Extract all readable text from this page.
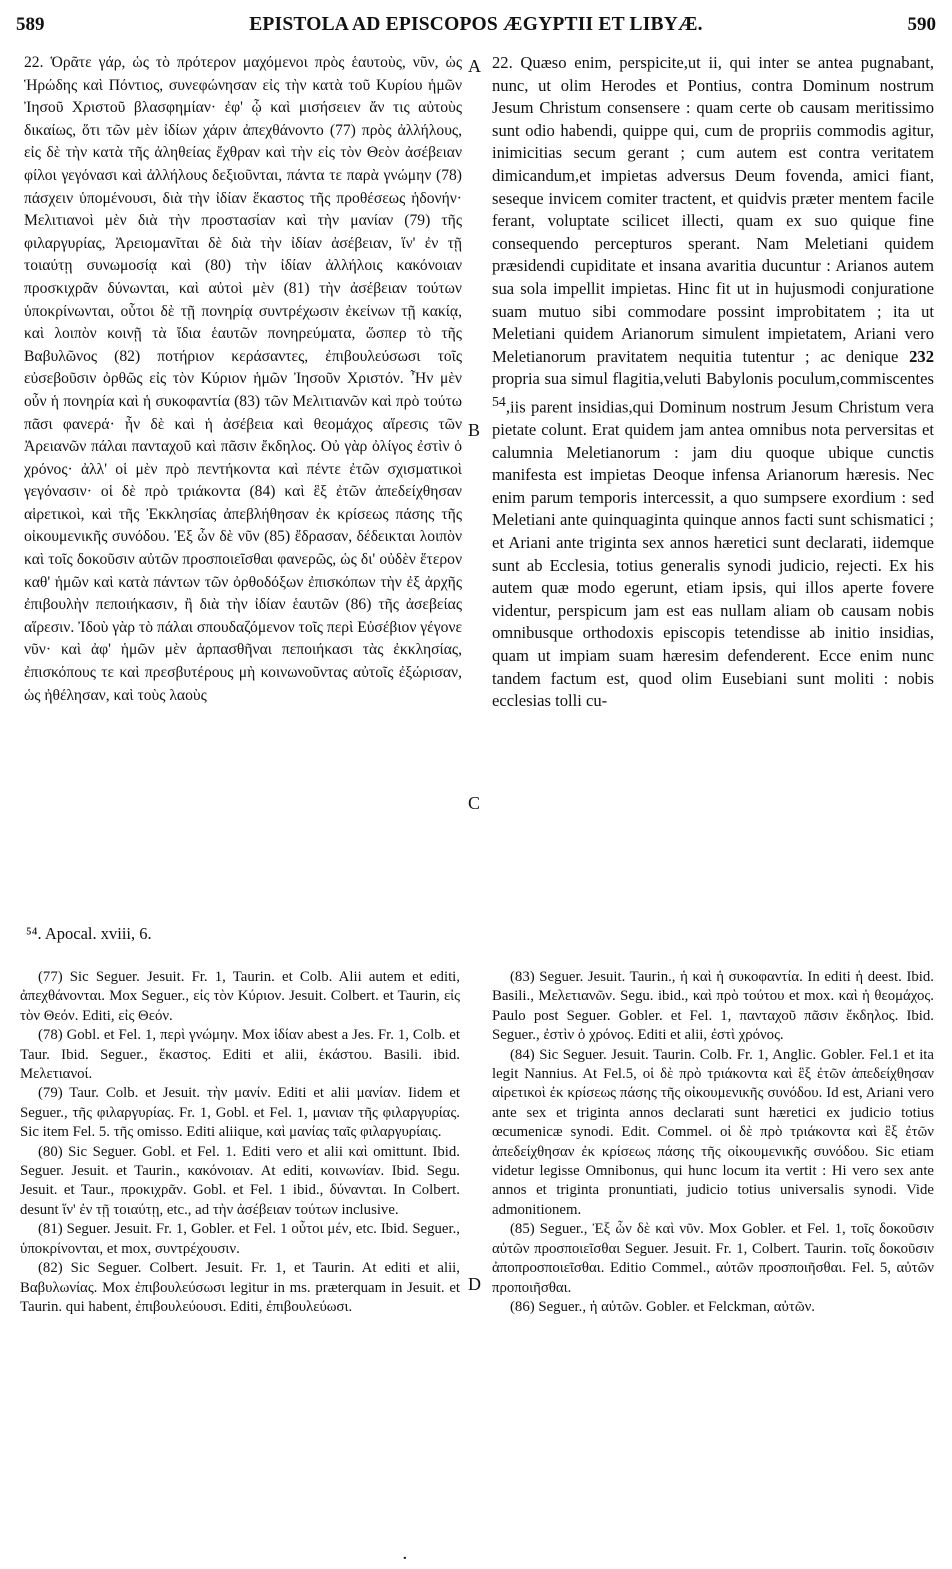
589	EPISTOLA AD EPISCOPOS ÆGYPTII ET LIBYÆ.	590
22. Ὁρᾶτε γάρ, ὡς τὸ πρότερον μαχόμενοι πρὸς ἑαυτοὺς, νῦν, ὡς Ἡρώδης καὶ Πόντιος, συνεφώνησαν εἰς τὴν κατὰ τοῦ Κυρίου ἡμῶν Ἰησοῦ Χριστοῦ βλασφημίαν· ἐφ' ᾧ καὶ μισήσειεν ἄν τις αὐτοὺς δικαίως, ὅτι τῶν μὲν ἰδίων χάριν ἀπεχθάνοντο (77) πρὸς ἀλλήλους, εἰς δὲ τὴν κατὰ τῆς ἀληθείας ἔχθραν καὶ τὴν εἰς τὸν Θεὸν ἀσέβειαν φίλοι γεγόνασι καὶ ἀλλήλους δεξιοῦνται, πάντα τε παρὰ γνώμην (78) πάσχειν ὑπομένουσι, διὰ τὴν ἰδίαν ἕκαστος τῆς προθέσεως ἡδονήν· Μελιτιανοὶ μὲν διὰ τὴν προστασίαν καὶ τὴν μανίαν (79) τῆς φιλαργυρίας, Ἀρειομανῖται δὲ διὰ τὴν ἰδίαν ἀσέβειαν, ἵν' ἐν τῇ τοιαύτῃ συνωμοσίᾳ καὶ (80) τὴν ἰδίαν ἀλλήλοις κακόνοιαν προσκιχρᾶν δύνωνται, καὶ αὐτοὶ μὲν (81) τὴν ἀσέβειαν τούτων ὑποκρίνωνται, οὗτοι δὲ τῇ πονηρίᾳ συντρέχωσιν ἐκείνων τῇ κακίᾳ, καὶ λοιπὸν κοινῇ τὰ ἴδια ἑαυτῶν πονηρεύματα, ὥσπερ τὸ τῆς Βαβυλῶνος (82) ποτήριον κεράσαντες, ἐπιβουλεύσωσι τοῖς εὐσεβοῦσιν ὀρθῶς εἰς τὸν Κύριον ἡμῶν Ἰησοῦν Χριστόν. Ἦν μὲν οὖν ἡ πονηρία καὶ ἡ συκοφαντία (83) τῶν Μελιτιανῶν καὶ πρὸ τούτω πᾶσι φανερά· ἦν δὲ καὶ ἡ ἀσέβεια καὶ θεομάχος αἵρεσις τῶν Ἀρειανῶν πάλαι πανταχοῦ καὶ πᾶσιν ἔκδηλος. Οὐ γὰρ ὀλίγος ἐστὶν ὁ χρόνος· ἀλλ' οἱ μὲν πρὸ πεντήκοντα καὶ πέντε ἐτῶν σχισματικοὶ γεγόνασιν· οἱ δὲ πρὸ τριάκοντα (84) καὶ ἓξ ἐτῶν ἀπεδείχθησαν αἱρετικοὶ, καὶ τῆς Ἐκκλησίας ἀπεβλήθησαν ἐκ κρίσεως πάσης τῆς οἰκουμενικῆς συνόδου. Ἐξ ὧν δὲ νῦν (85) ἔδρασαν, δέδεικται λοιπὸν καὶ τοῖς δοκοῦσιν αὐτῶν προσποιεῖσθαι φανερῶς, ὡς δι' οὐδὲν ἕτερον καθ' ἡμῶν καὶ κατὰ πάντων τῶν ὀρθοδόξων ἐπισκόπων τὴν ἐξ ἀρχῆς ἐπιβουλὴν πεποιήκασιν, ἢ διὰ τὴν ἰδίαν ἑαυτῶν (86) τῆς ἀσεβείας αἵρεσιν. Ἰδοὺ γὰρ τὸ πάλαι σπουδαζόμενον τοῖς περὶ Εὐσέβιον γέγονε νῦν· καὶ ἀφ' ἡμῶν μὲν ἁρπασθῆναι πεποιήκασι τὰς ἐκκλησίας, ἐπισκόπους τε καὶ πρεσβυτέρους μὴ κοινωνοῦντας αὐτοῖς ἐξώρισαν, ὡς ἠθέλησαν, καὶ τοὺς λαοὺς
A
B
C
D
22. Quæso enim, perspicite,ut ii, qui inter se antea pugnabant, nunc, ut olim Herodes et Pontius, contra Dominum nostrum Jesum Christum consensere : quam certe ob causam meritissimo sunt odio habendi, quippe qui, cum de propriis commodis agitur, inimicitias secum gerant ; cum autem est contra veritatem dimicandum,et impietas adversus Deum fovenda, amici fiant, seseque invicem comiter tractent, et quidvis præter mentem facile ferant, voluptate scilicet illecti, quam ex suo quique fine consequendo percepturos sperant. Nam Meletiani quidem præsidendi cupiditate et insana avaritia ducuntur : Arianos autem sua sola impellit impietas. Hinc fit ut in hujusmodi conjuratione suam mutuo sibi commodare possint improbitatem ; ita ut Meletiani quidem Arianorum simulent impietatem, Ariani vero Meletianorum pravitatem nequitia tutentur ; ac denique 232 propria sua simul flagitia,veluti Babylonis poculum,commiscentes $^{54}$,iis parent insidias,qui Dominum nostrum Jesum Christum vera pietate colunt. Erat quidem jam antea omnibus nota perversitas et calumnia Meletianorum : jam diu quoque ubique cunctis manifesta est impietas Deoque infensa Arianorum hæresis. Nec enim parum temporis intercessit, a quo sumpsere exordium : sed Meletiani ante quinquaginta quinque annos facti sunt schismatici ; et Ariani ante triginta sex annos hæretici sunt declarati, iidemque sunt ab Ecclesia, totius generalis synodi judicio, rejecti. Ex his autem quæ modo egerunt, etiam ipsis, qui illos aperte fovere videntur, perspicum jam est eas nullam aliam ob causam nobis omnibusque orthodoxis episcopis tetendisse ab initio insidias, quam ut impiam suam hæresim defenderent. Ecce enim nunc tandem factum est, quod olim Eusebiani sunt moliti : nobis ecclesias tolli cu-
⁵⁴. Apocal. xviii, 6.

(77) Sic Seguer. Jesuit. Fr. 1, Taurin. et Colb. Alii autem et editi, ἀπεχθάνονται. Mox Seguer., εἰς τὸν Κύριον. Jesuit. Colbert. et Taurin, εἰς τὸν Θεόν. Editi, εἰς Θεόν.

(78) Gobl. et Fel. 1, περὶ γνώμην. Mox ἰδίαν abest a Jes. Fr. 1, Colb. et Taur. Ibid. Seguer., ἕκαστος. Editi et alii, ἑκάστου. Basili. ibid. Μελετιανοί.

(79) Taur. Colb. et Jesuit. τὴν μανίν. Editi et alii μανίαν. Iidem et Seguer., τῆς φιλαργυρίας. Fr. 1, Gobl. et Fel. 1, μανιαν τῆς φιλαργυρίας. Sic item Fel. 5. τῆς omisso. Editi aliique, καὶ μανίας ταῖς φιλαργυρίαις.

(80) Sic Seguer. Gobl. et Fel. 1. Editi vero et alii καὶ omittunt. Ibid. Seguer. Jesuit. et Taurin., κακόνοιαν. At editi, κοινωνίαν. Ibid. Segu. Jesuit. et Taur., προκιχρᾶν. Gobl. et Fel. 1 ibid., δύνανται. In Colbert. desunt ἵν' ἐν τῇ τοιαύτῃ, etc., ad τὴν ἀσέβειαν τούτων inclusive.

(81) Seguer. Jesuit. Fr. 1, Gobler. et Fel. 1 οὗτοι μέν, etc. Ibid. Seguer., ὑποκρίνονται, et mox, συντρέχουσιν.

(82) Sic Seguer. Colbert. Jesuit. Fr. 1, et Taurin. At editi et alii, Βαβυλωνίας. Mox ἐπιβουλεύσωσι legitur in ms. præterquam in Jesuit. et Taurin. qui habent, ἐπιβουλεύουσι. Editi, ἐπιβουλεύωσι.

(83) Seguer. Jesuit. Taurin., ἡ καὶ ἡ συκοφαντία. In editi ἡ deest. Ibid. Basili., Μελετιανῶν. Segu. ibid., καὶ πρὸ τούτου et mox. καὶ ἡ θεομάχος. Paulo post Seguer. Gobler. et Fel. 1, πανταχοῦ πᾶσιν ἔκδηλος. Ibid. Seguer., ἐστὶν ὁ χρόνος. Editi et alii, ἐστὶ χρόνος.

(84) Sic Seguer. Jesuit. Taurin. Colb. Fr. 1, Anglic. Gobler. Fel.1 et ita legit Nannius. At Fel.5, οἱ δὲ πρὸ τριάκοντα καὶ ἓξ ἐτῶν ἀπεδείχθησαν αἱρετικοὶ ἐκ κρίσεως πάσης τῆς οἰκουμενικῆς συνόδου. Id est, Ariani vero ante sex et triginta annos declarati sunt hæretici ex judicio totius œcumenicæ synodi. Edit. Commel. οἱ δὲ πρὸ τριάκοντα καὶ ἓξ ἐτῶν ἀπεδείχθησαν ἐκ κρίσεως πάσης τῆς οἰκουμενικῆς συνόδου. Sic etiam videtur legisse Omnibonus, qui hunc locum ita vertit : Hi vero sex ante annos et triginta pronuntiati, judicio totius universalis synodi. Vide admonitionem.

(85) Seguer., Ἐξ ὧν δὲ καὶ νῦν. Mox Gobler. et Fel. 1, τοῖς δοκοῦσιν αὐτῶν προσποιεῖσθαι Seguer. Jesuit. Fr. 1, Colbert. Taurin. τοῖς δοκοῦσιν ἀποπροσποιεῖσθαι. Editio Commel., αὐτῶν προσποιῆσθαι. Fel. 5, αὐτῶν προποιῆσθαι.

(86) Seguer., ἡ αὐτῶν. Gobler. et Felckman, αὐτῶν.

·
